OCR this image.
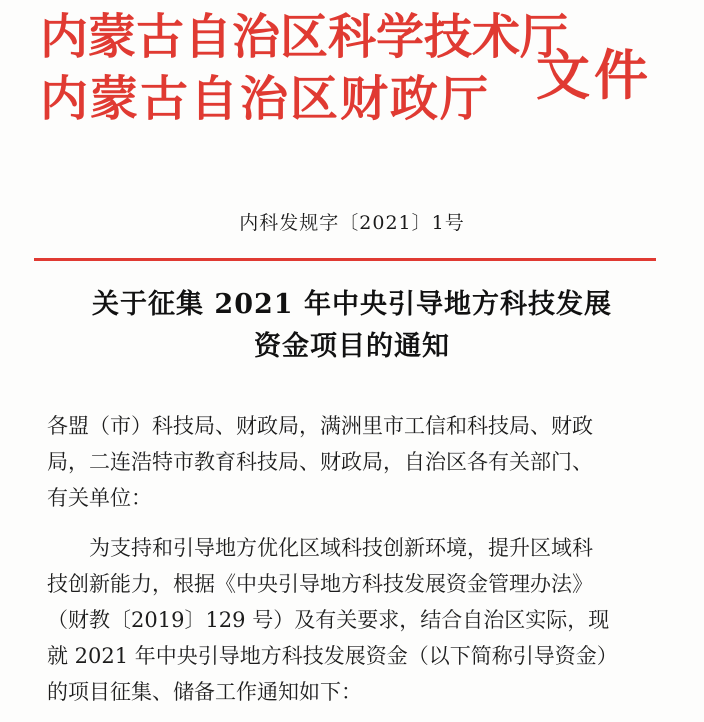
内蒙古自治区科学技术厅
内蒙古自治区财政厅 文件
内科发规字〔2021〕1号

关于征集 2021 年中央引导地方科技发展

资金项目的通知

各盟（市）科技局、财政局，满洲里市工信和科技局、财政

局，二连浩特市教育科技局、财政局，自治区各有关部门、

有关单位：

为支持和引导地方优化区域科技创新环境，提升区域科

技创新能力，根据《中央引导地方科技发展资金管理办法》

（财教〔2019〕129 号）及有关要求，结合自治区实际，现

就 2021 年中央引导地方科技发展资金（以下简称引导资金）

的项目征集、储备工作通知如下：
